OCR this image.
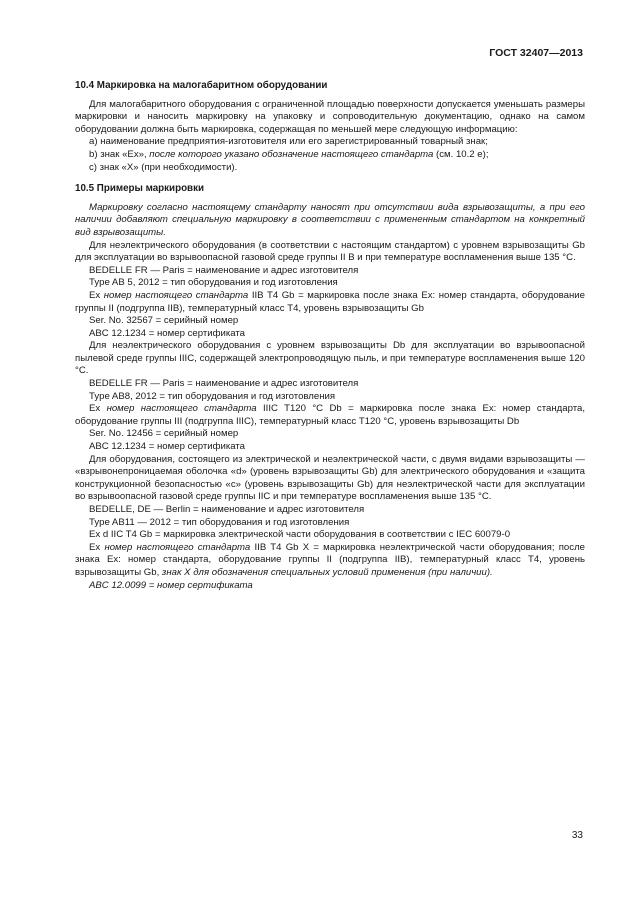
ГОСТ 32407—2013
10.4 Маркировка на малогабаритном оборудовании

Для малогабаритного оборудования с ограниченной площадью поверхности допускается уменьшать размеры маркировки и наносить маркировку на упаковку и сопроводительную документацию, однако на самом оборудовании должна быть маркировка, содержащая по меньшей мере следующую информацию:

а) наименование предприятия-изготовителя или его зарегистрированный товарный знак;

b) знак «Ex», после которого указано обозначение настоящего стандарта (см. 10.2 е);

с) знак «X» (при необходимости).

10.5 Примеры маркировки

Маркировку согласно настоящему стандарту наносят при отсутствии вида взрывозащиты, а при его наличии добавляют специальную маркировку в соответствии с примененным стандартом на конкретный вид взрывозащиты.

Для неэлектрического оборудования (в соответствии с настоящим стандартом) с уровнем взрывозащиты Gb для эксплуатации во взрывоопасной газовой среде группы II B и при температуре воспламенения выше 135 °С.

BEDELLE FR — Paris = наименование и адрес изготовителя

Type AB 5, 2012 = тип оборудования и год изготовления

Ex номер настоящего стандарта IIB T4 Gb = маркировка после знака Ex: номер стандарта, оборудование группы II (подгруппа IIB), температурный класс Т4, уровень взрывозащиты Gb

Ser. No. 32567 = серийный номер

ABC 12.1234 = номер сертификата

Для неэлектрического оборудования с уровнем взрывозащиты Db для эксплуатации во взрывоопасной пылевой среде группы IIIC, содержащей электропроводящую пыль, и при температуре воспламенения выше 120 °С.

BEDELLE FR — Paris = наименование и адрес изготовителя

Type AB8, 2012 = тип оборудования и год изготовления

Ex номер настоящего стандарта IIIC T120 °С Db = маркировка после знака Ex: номер стандарта, оборудование группы III (подгруппа IIIC), температурный класс Т120 °С, уровень взрывозащиты Db

Ser. No. 12456 = серийный номер

ABC 12.1234 = номер сертификата

Для оборудования, состоящего из электрической и неэлектрической части, с двумя видами взрывозащиты — «взрывонепроницаемая оболочка «d» (уровень взрывозащиты Gb) для электрического оборудования и «защита конструкционной безопасностью «с» (уровень взрывозащиты Gb) для неэлектрической части для эксплуатации во взрывоопасной газовой среде группы IIC и при температуре воспламенения выше 135 °С.

BEDELLE, DE — Berlin = наименование и адрес изготовителя

Type AB11 — 2012 = тип оборудования и год изготовления

Ex d IIC T4 Gb = маркировка электрической части оборудования в соответствии с IEC 60079-0

Ex номер настоящего стандарта IIB T4 Gb X = маркировка неэлектрической части оборудования; после знака Ex: номер стандарта, оборудование группы II (подгруппа IIB), температурный класс T4, уровень взрывозащиты Gb, знак X для обозначения специальных условий применения (при наличии).

ABC 12.0099 = номер сертификата

33
